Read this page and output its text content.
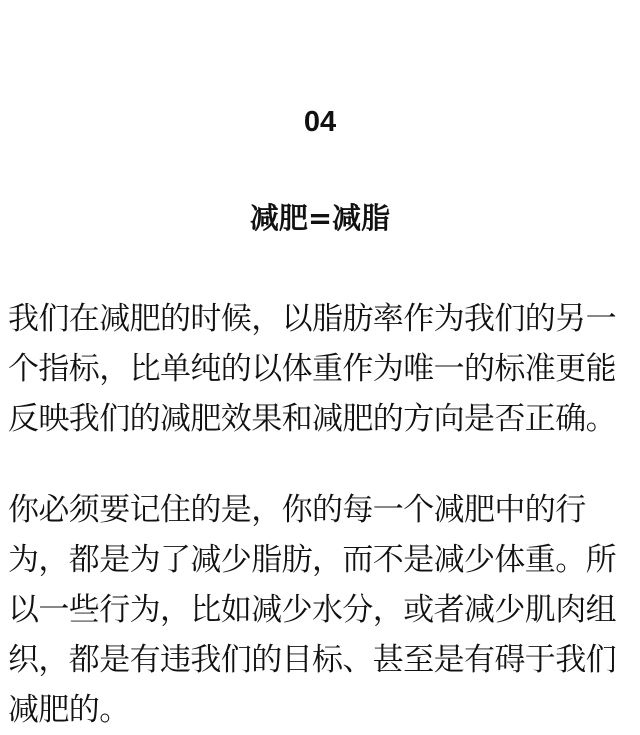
04
减肥=减脂

我们在减肥的时候，以脂肪率作为我们的另一
个指标，比单纯的以体重作为唯一的标准更能
反映我们的减肥效果和减肥的方向是否正确。

你必须要记住的是，你的每一个减肥中的行
为，都是为了减少脂肪，而不是减少体重。所
以一些行为，比如减少水分，或者减少肌肉组
织，都是有违我们的目标、甚至是有碍于我们
减肥的。
